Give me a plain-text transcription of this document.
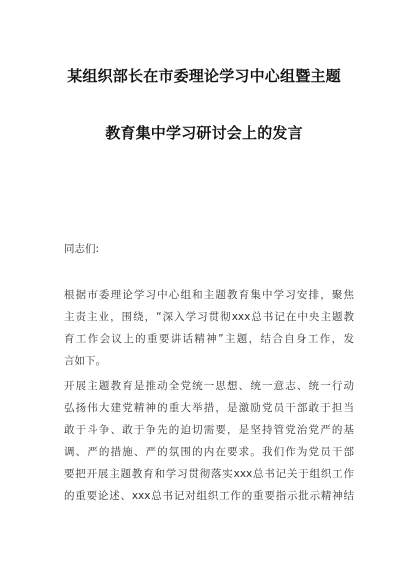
某组织部长在市委理论学习中心组暨主题
教育集中学习研讨会上的发言
同志们:
根据市委理论学习中心组和主题教育集中学习安排，聚焦
主责主业，围绕，“深入学习贯彻xxx总书记在中央主题教
育工作会议上的重要讲话精神”主题，结合自身工作，发
言如下。
开展主题教育是推动全党统一思想、统一意志、统一行动
弘扬伟大建党精神的重大举措，是激励党员干部敢于担当
敢于斗争、敢于争先的迫切需要，是坚持管党治党严的基
调、严的措施、严的氛围的内在要求。我们作为党员干部
要把开展主题教育和学习贯彻落实xxx总书记关于组织工作
的重要论述、xxx总书记对组织工作的重要指示批示精神结
